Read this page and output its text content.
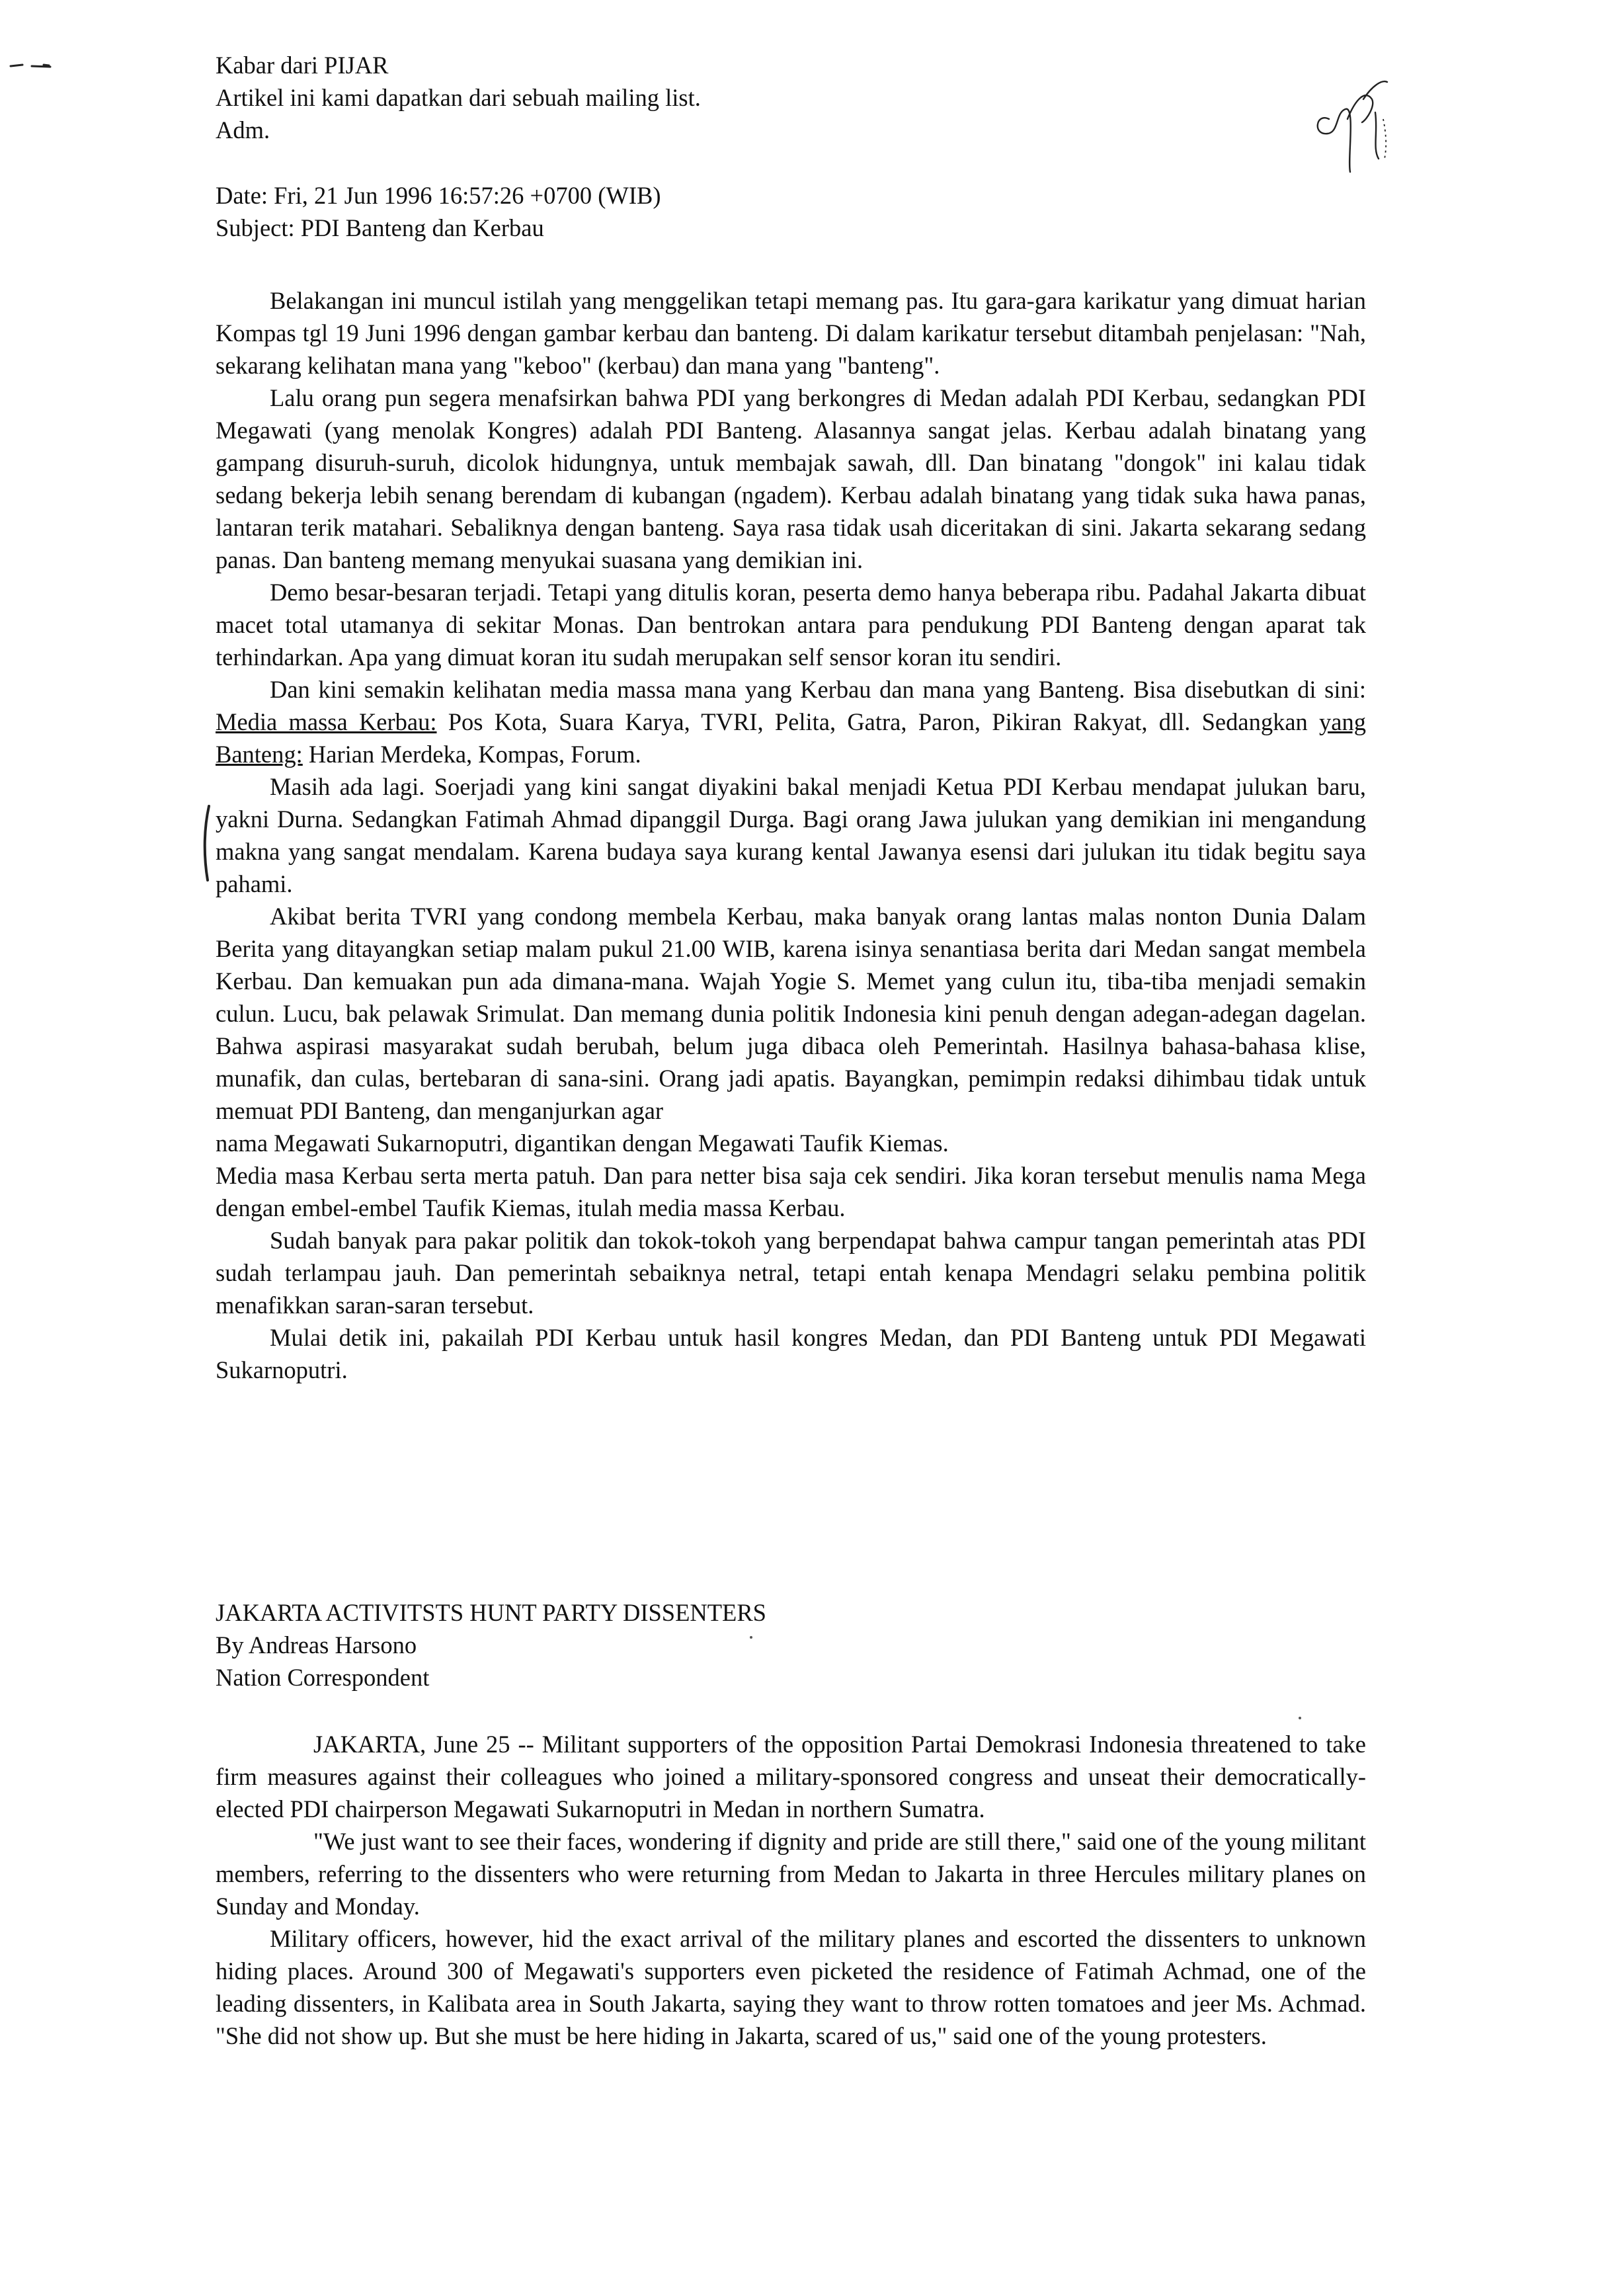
Kabar dari PIJAR
Artikel ini kami dapatkan dari sebuah mailing list.
Adm.
Date: Fri, 21 Jun 1996 16:57:26 +0700 (WIB)
Subject: PDI Banteng dan Kerbau

Belakangan ini muncul istilah yang menggelikan tetapi memang pas. Itu gara-gara karikatur yang dimuat harian Kompas tgl 19 Juni 1996 dengan gambar kerbau dan banteng. Di dalam karikatur tersebut ditambah penjelasan: "Nah, sekarang kelihatan mana yang "keboo" (kerbau) dan mana yang "banteng".

Lalu orang pun segera menafsirkan bahwa PDI yang berkongres di Medan adalah PDI Kerbau, sedangkan PDI Megawati (yang menolak Kongres) adalah PDI Banteng. Alasannya sangat jelas. Kerbau adalah binatang yang gampang disuruh-suruh, dicolok hidungnya, untuk membajak sawah, dll. Dan binatang "dongok" ini kalau tidak sedang bekerja lebih senang berendam di kubangan (ngadem). Kerbau adalah binatang yang tidak suka hawa panas, lantaran terik matahari. Sebaliknya dengan banteng. Saya rasa tidak usah diceritakan di sini. Jakarta sekarang sedang panas. Dan banteng memang menyukai suasana yang demikian ini.

Demo besar-besaran terjadi. Tetapi yang ditulis koran, peserta demo hanya beberapa ribu. Padahal Jakarta dibuat macet total utamanya di sekitar Monas. Dan bentrokan antara para pendukung PDI Banteng dengan aparat tak terhindarkan. Apa yang dimuat koran itu sudah merupakan self sensor koran itu sendiri.

Dan kini semakin kelihatan media massa mana yang Kerbau dan mana yang Banteng. Bisa disebutkan di sini: Media massa Kerbau: Pos Kota, Suara Karya, TVRI, Pelita, Gatra, Paron, Pikiran Rakyat, dll. Sedangkan yang Banteng: Harian Merdeka, Kompas, Forum.

Masih ada lagi. Soerjadi yang kini sangat diyakini bakal menjadi Ketua PDI Kerbau mendapat julukan baru, yakni Durna. Sedangkan Fatimah Ahmad dipanggil Durga. Bagi orang Jawa julukan yang demikian ini mengandung makna yang sangat mendalam. Karena budaya saya kurang kental Jawanya esensi dari julukan itu tidak begitu saya pahami.

Akibat berita TVRI yang condong membela Kerbau, maka banyak orang lantas malas nonton Dunia Dalam Berita yang ditayangkan setiap malam pukul 21.00 WIB, karena isinya senantiasa berita dari Medan sangat membela Kerbau. Dan kemuakan pun ada dimana-mana. Wajah Yogie S. Memet yang culun itu, tiba-tiba menjadi semakin culun. Lucu, bak pelawak Srimulat. Dan memang dunia politik Indonesia kini penuh dengan adegan-adegan dagelan. Bahwa aspirasi masyarakat sudah berubah, belum juga dibaca oleh Pemerintah. Hasilnya bahasa-bahasa klise, munafik, dan culas, bertebaran di sana-sini. Orang jadi apatis. Bayangkan, pemimpin redaksi dihimbau tidak untuk memuat PDI Banteng, dan menganjurkan agar

nama Megawati Sukarnoputri, digantikan dengan Megawati Taufik Kiemas.

Media masa Kerbau serta merta patuh. Dan para netter bisa saja cek sendiri. Jika koran tersebut menulis nama Mega dengan embel-embel Taufik Kiemas, itulah media massa Kerbau.

Sudah banyak para pakar politik dan tokok-tokoh yang berpendapat bahwa campur tangan pemerintah atas PDI sudah terlampau jauh. Dan pemerintah sebaiknya netral, tetapi entah kenapa Mendagri selaku pembina politik menafikkan saran-saran tersebut.

Mulai detik ini, pakailah PDI Kerbau untuk hasil kongres Medan, dan PDI Banteng untuk PDI Megawati Sukarnoputri.

JAKARTA ACTIVITSTS HUNT PARTY DISSENTERS
By Andreas Harsono
Nation Correspondent

JAKARTA, June 25 -- Militant supporters of the opposition Partai Demokrasi Indonesia threatened to take firm measures against their colleagues who joined a military-sponsored congress and unseat their democratically-elected PDI chairperson Megawati Sukarnoputri in Medan in northern Sumatra.

"We just want to see their faces, wondering if dignity and pride are still there," said one of the young militant members, referring to the dissenters who were returning from Medan to Jakarta in three Hercules military planes on Sunday and Monday.

Military officers, however, hid the exact arrival of the military planes and escorted the dissenters to unknown hiding places. Around 300 of Megawati's supporters even picketed the residence of Fatimah Achmad, one of the leading dissenters, in Kalibata area in South Jakarta, saying they want to throw rotten tomatoes and jeer Ms. Achmad. "She did not show up. But she must be here hiding in Jakarta, scared of us," said one of the young protesters.
